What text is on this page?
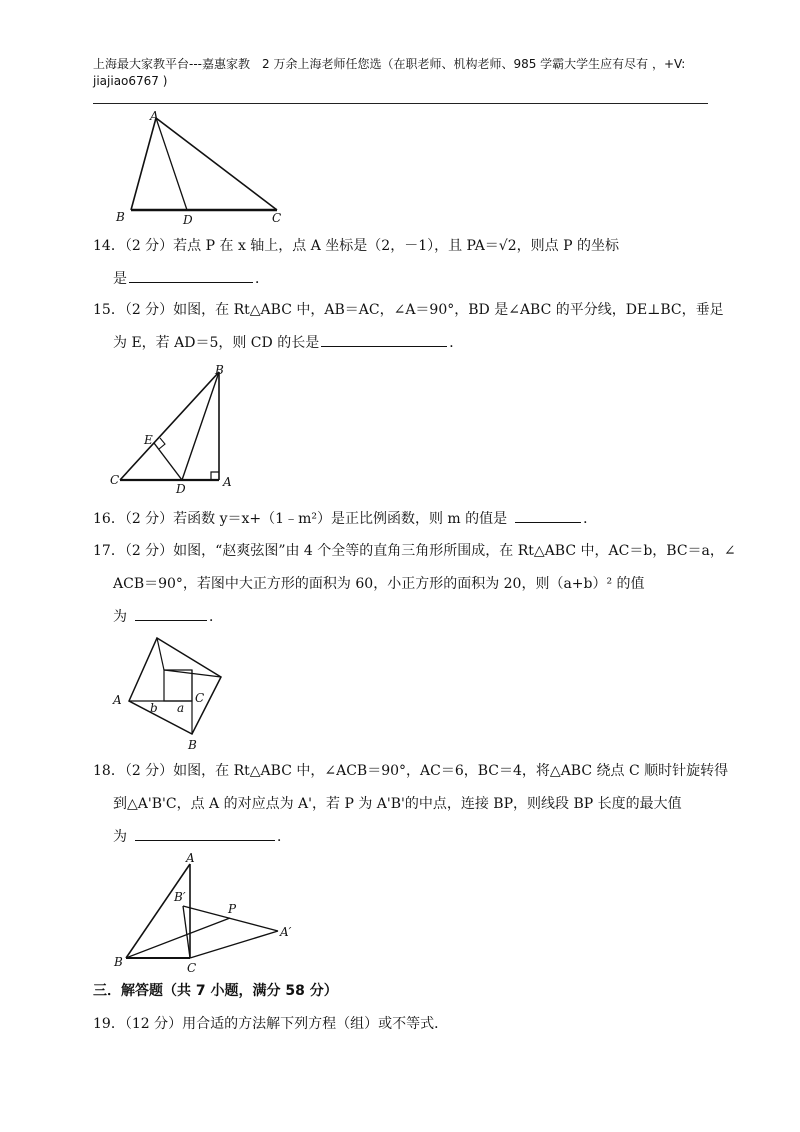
上海最大家教平台---嘉惠家教　2 万余上海老师任您选（在职老师、机构老师、985 学霸大学生应有尽有 ，+V:
jiajiao6767 )
A
B	D	C
14．（2 分）若点 P 在 x 轴上，点 A 坐标是（2，－1），且 PA＝√2，则点 P 的坐标
是	．
15．（2 分）如图，在 Rt△ABC 中，AB＝AC，∠A＝90°，BD 是∠ABC 的平分线，DE⊥BC，垂足
为 E，若 AD＝5，则 CD 的长是	．
B
E
C
D	A
16．（2 分）若函数 y＝x+（1﹣m²）是正比例函数，则 m 的值是	．
17．（2 分）如图，“赵爽弦图”由 4 个全等的直角三角形所围成，在 Rt△ABC 中，AC＝b，BC＝a，∠
ACB＝90°，若图中大正方形的面积为 60，小正方形的面积为 20，则（a+b）² 的值
为	．
A	C
B
b a
18．（2 分）如图，在 Rt△ABC 中，∠ACB＝90°，AC＝6，BC＝4，将△ABC 绕点 C 顺时针旋转得
到△A'B'C，点 A 的对应点为 A'，若 P 为 A'B'的中点，连接 BP，则线段 BP 长度的最大值
为	．
A
B′
P
A′
B	C
三．解答题（共 7 小题，满分 58 分）
19．（12 分）用合适的方法解下列方程（组）或不等式．
